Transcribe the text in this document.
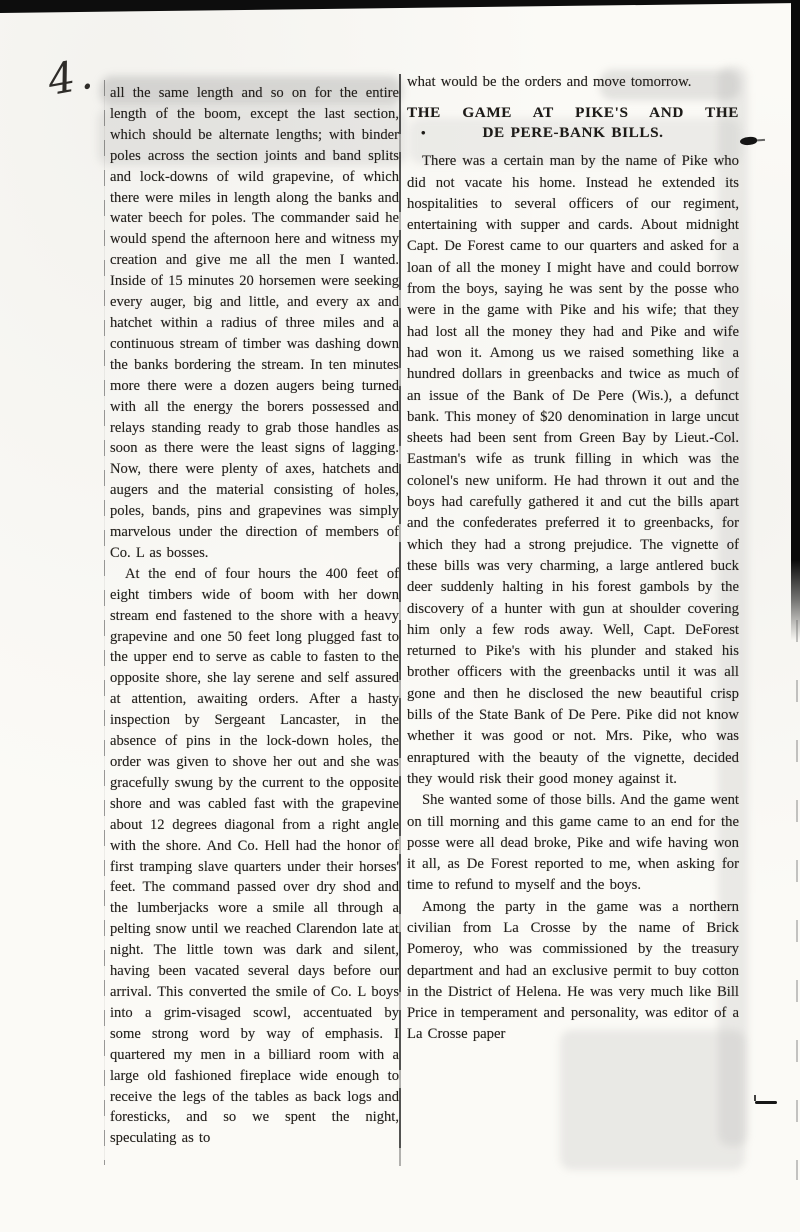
4. all the same length and so on for the entire length of the boom, except the last section, which should be alternate lengths; with binder poles across the section joints and band splits and lock-downs of wild grapevine, of which there were miles in length along the banks and water beech for poles. The commander said he would spend the afternoon here and witness my creation and give me all the men I wanted. Inside of 15 minutes 20 horsemen were seeking every auger, big and little, and every ax and hatchet within a radius of three miles and a continuous stream of timber was dashing down the banks bordering the stream. In ten minutes more there were a dozen augers being turned with all the energy the borers possessed and relays standing ready to grab those handles as soon as there were the least signs of lagging. Now, there were plenty of axes, hatchets and augers and the material consisting of holes, poles, bands, pins and grapevines was simply marvelous under the direction of members of Co. L as bosses.

At the end of four hours the 400 feet of eight timbers wide of boom with her down stream end fastened to the shore with a heavy grapevine and one 50 feet long plugged fast to the upper end to serve as cable to fasten to the opposite shore, she lay serene and self assured at attention, awaiting orders. After a hasty inspection by Sergeant Lancaster, in the absence of pins in the lock-down holes, the order was given to shove her out and she was gracefully swung by the current to the opposite shore and was cabled fast with the grapevine about 12 degrees diagonal from a right angle with the shore. And Co. Hell had the honor of first tramping slave quarters under their horses' feet. The command passed over dry shod and the lumberjacks wore a smile all through a pelting snow until we reached Clarendon late at night. The little town was dark and silent, having been vacated several days before our arrival. This converted the smile of Co. L boys into a grim-visaged scowl, accentuated by some strong word by way of emphasis. I quartered my men in a billiard room with a large old fashioned fireplace wide enough to receive the legs of the tables as back logs and foresticks, and so we spent the night, speculating as to

what would be the orders and move tomorrow.

THE GAME AT PIKE'S AND THE
•	DE PERE-BANK BILLS.

There was a certain man by the name of Pike who did not vacate his home. Instead he extended its hospitalities to several officers of our regiment, entertaining with supper and cards. About midnight Capt. De Forest came to our quarters and asked for a loan of all the money I might have and could borrow from the boys, saying he was sent by the posse who were in the game with Pike and his wife; that they had lost all the money they had and Pike and wife had won it. Among us we raised something like a hundred dollars in greenbacks and twice as much of an issue of the Bank of De Pere (Wis.), a defunct bank. This money of $20 denomination in large uncut sheets had been sent from Green Bay by Lieut.-Col. Eastman's wife as trunk filling in which was the colonel's new uniform. He had thrown it out and the boys had carefully gathered it and cut the bills apart and the confederates preferred it to greenbacks, for which they had a strong prejudice. The vignette of these bills was very charming, a large antlered buck deer suddenly halting in his forest gambols by the discovery of a hunter with gun at shoulder covering him only a few rods away. Well, Capt. DeForest returned to Pike's with his plunder and staked his brother officers with the greenbacks until it was all gone and then he disclosed the new beautiful crisp bills of the State Bank of De Pere. Pike did not know whether it was good or not. Mrs. Pike, who was enraptured with the beauty of the vignette, decided they would risk their good money against it.

She wanted some of those bills. And the game went on till morning and this game came to an end for the posse were all dead broke, Pike and wife having won it all, as De Forest reported to me, when asking for time to refund to myself and the boys.

Among the party in the game was a northern civilian from La Crosse by the name of Brick Pomeroy, who was commissioned by the treasury department and had an exclusive permit to buy cotton in the District of Helena. He was very much like Bill Price in temperament and personality, was editor of a La Crosse paper
